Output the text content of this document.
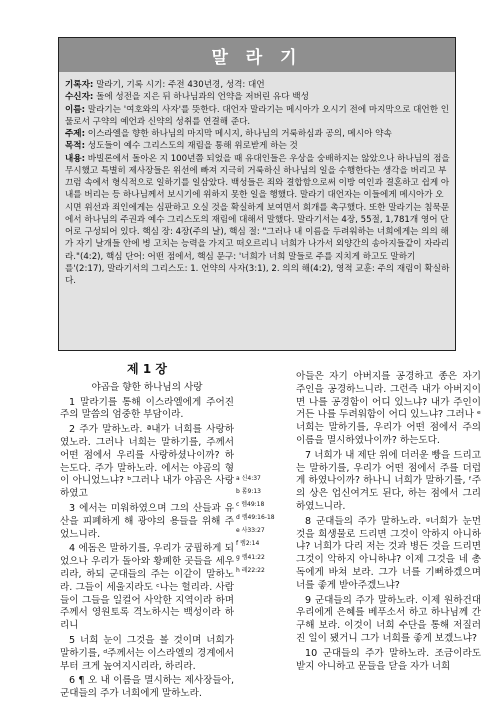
말 라 기

기록자: 말라기, 기록 시기: 주전 430년경, 성격: 대언

수신자: 돌에 성전을 지은 뒤 하나님과의 언약을 저버린 유다 백성

이름: 말라기는 '여호와의 사자'를 뜻한다. 대언자 말라기는 메시아가 오시기 전에 마지막으로 대언한 인물로서 구약의 예언과 신약의 성취를 연결해 준다.

주제: 이스라엘을 향한 하나님의 마지막 메시지, 하나님의 거룩하심과 공의, 메시아 약속

목적: 성도들이 예수 그리스도의 재림을 통해 위로받게 하는 것

내용: 바빌론에서 돌아온 지 100년쯤 되었을 때 유대인들은 우상을 숭배하지는 않았으나 하나님의 점을 무시했고 특별히 제사장들은 위선에 빠져 지극히 거룩하신 하나님의 일을 수행한다는 생각을 버리고 부끄럼 속에서 형식적으로 일하기를 일삼았다. 백성들은 죄와 결합함으로써 이방 여인과 결혼하고 쉽게 아내를 버리는 등 하나님께서 보시기에 위하지 못한 일을 행했다. 말라기 대언자는 이들에게 메시아가 오시면 위선과 죄인에게는 심판하고 오실 것을 확실하게 보여면서 회개를 촉구했다. 또한 말라기는 침묵문에서 하나님의 주권과 예수 그리스도의 재림에 대해서 말했다. 말라기서는 4장, 55절, 1,781개 영어 단어로 구성되어 있다. 핵심 장: 4장(주의 날), 핵심 절: "그러나 내 이름을 두려워하는 너희에게는 의의 해가 자기 날개들 안에 병 고치는 능력을 가지고 떠오르리니 너희가 나가서 외양간의 송아지들같이 자라리라."(4:2), 핵심 단어: 어떤 점에서, 핵심 문구: '너희가 너희 말들로 주를 지치게 하고도 말하기를'(2:17), 말라기서의 그리스도: 1. 언약의 사자(3:1), 2. 의의 해(4:2), 영적 교훈: 주의 재림이 확실하다.

제 1 장

야곱을 향한 하나님의 사랑

1 말라기를 통해 이스라엘에게 주어진 주의 말씀의 엄중한 부담이라.

2 주가 말하노라. ª내가 너희를 사랑하였노라. 그러나 너희는 말하기를, 주께서 어떤 점에서 우리를 사랑하셨나이까? 하는도다. 주가 말하노라. 에서는 야곱의 형이 아니었느냐? ᵇ그러나 내가 야곱은 사랑하였고

3 에서는 미워하였으며 그의 산들과 유산을 피폐하게 해 광야의 용들을 위해 주었느니라.

4 에돔은 말하기를, 우리가 궁핍하게 되었으나 우리가 돌아와 황폐한 곳들을 세우리라, 하되 군대들의 주는 이같이 말하노라. 그들이 세울지라도 ᶜ나는 헐리라. 사람들이 그들을 일컬어 사악한 지역이라 하며 주께서 영원토록 격노하시는 백성이라 하리니

5 너희 눈이 그것을 볼 것이며 너희가 말하기를, ᵈ주께서는 이스라엘의 경계에서부터 크게 높여지시리라, 하리라.

6 ¶ 오 내 이름을 멸시하는 제사장들아, 군대들의 주가 너희에게 말하노라.

a 신4:37
b 롬9:13
c 렘49:18
d 렘49:16-18
e 사33:27
f 렘2:14
g 렘41:22
h 레22:22

아들은 자기 아버지를 공경하고 종은 자기 주인을 공경하느니라. 그런즉 내가 아버지이면 나를 공경함이 어디 있느냐? 내가 주인이거든 나를 두려워함이 어디 있느냐? 그러나 ᵉ너희는 말하기를, 우리가 어떤 점에서 주의 이름을 멸시하였나이까? 하는도다.

7 너희가 내 제단 위에 더러운 빵을 드리고는 말하기를, 우리가 어떤 점에서 주를 더럽게 하였나이까? 하나니 너희가 말하기를, ᶠ주의 상은 업신여겨도 된다, 하는 점에서 그리하였느니라.

8 군대들의 주가 말하노라. ᵍ너희가 눈먼 것을 희생물로 드리면 그것이 악하지 아니하냐? 너희가 다리 저는 것과 병든 것을 드리면 그것이 악하지 아니하냐? 이제 그것을 네 총독에게 바쳐 보라. 그가 너를 기뻐하겠으며 너를 좋게 받아주겠느냐?

9 군대들의 주가 말하노라. 이제 원하건대 우리에게 은혜를 베푸소서 하고 하나님께 간구해 보라. 이것이 너희 수단을 통해 저질러진 일이 됐거니 그가 너희를 좋게 보겠느냐?

10 군대들의 주가 말하노라. 조금이라도 받지 아니하고 문들을 닫을 자가 너희
